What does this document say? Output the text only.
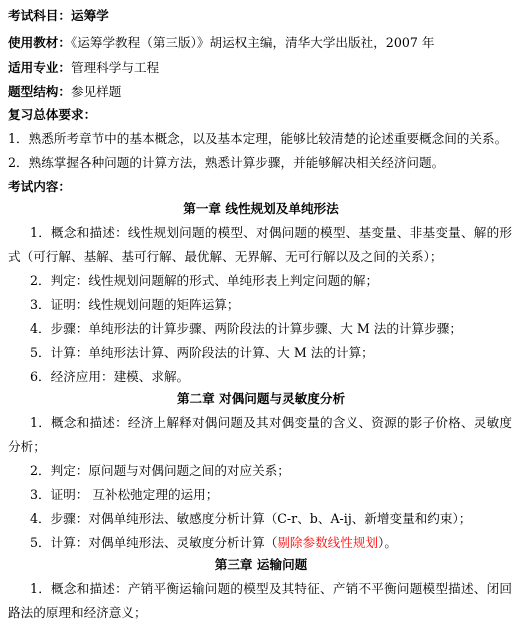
考试科目：运筹学
使用教材：《运筹学教程（第三版）》胡运权主编，清华大学出版社，2007 年
适用专业：管理科学与工程
题型结构：参见样题
复习总体要求：
1．熟悉所考章节中的基本概念，以及基本定理，能够比较清楚的论述重要概念间的关系。
2．熟练掌握各种问题的计算方法，熟悉计算步骤，并能够解决相关经济问题。
考试内容：
第一章 线性规划及单纯形法
1．概念和描述：线性规划问题的模型、对偶问题的模型、基变量、非基变量、解的形
式（可行解、基解、基可行解、最优解、无界解、无可行解以及之间的关系）；
2．判定：线性规划问题解的形式、单纯形表上判定问题的解；
3．证明：线性规划问题的矩阵运算；
4．步骤：单纯形法的计算步骤、两阶段法的计算步骤、大 M 法的计算步骤；
5．计算：单纯形法计算、两阶段法的计算、大 M 法的计算；
6．经济应用：建模、求解。
第二章 对偶问题与灵敏度分析
1．概念和描述：经济上解释对偶问题及其对偶变量的含义、资源的影子价格、灵敏度
分析；
2．判定：原问题与对偶问题之间的对应关系；
3．证明： 互补松弛定理的运用；
4．步骤：对偶单纯形法、敏感度分析计算（C-r、b、A-ij、新增变量和约束）；
5．计算：对偶单纯形法、灵敏度分析计算（剔除参数线性规划）。
第三章 运输问题
1．概念和描述：产销平衡运输问题的模型及其特征、产销不平衡问题模型描述、闭回
路法的原理和经济意义；
